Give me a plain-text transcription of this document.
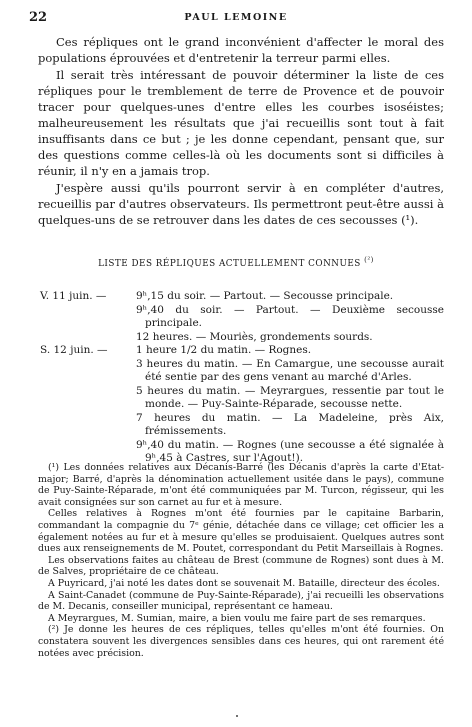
22	PAUL LEMOINE

Ces répliques ont le grand inconvénient d'affecter le moral des populations éprouvées et d'entretenir la terreur parmi elles.

Il serait très intéressant de pouvoir déterminer la liste de ces répliques pour le tremblement de terre de Provence et de pouvoir tracer pour quelques-unes d'entre elles les courbes isoséistes; malheureusement les résultats que j'ai recueillis sont tout à fait insuffisants dans ce but ; je les donne cependant, pensant que, sur des questions comme celles-là où les documents sont si difficiles à réunir, il n'y en a jamais trop.

J'espère aussi qu'ils pourront servir à en compléter d'autres, recueillis par d'autres observateurs. Ils permettront peut-être aussi à quelques-uns de se retrouver dans les dates de ces secousses (¹).

LISTE DES RÉPLIQUES ACTUELLEMENT CONNUES $^{(^2)}$
V. 11 juin. —	9ʰ,15 du soir. — Partout. — Secousse principale.
9ʰ,40 du soir. — Partout. — Deuxième secousse principale.
12 heures. — Mouriès, grondements sourds.
S. 12 juin. —	1 heure 1/2 du matin. — Rognes.
3 heures du matin. — En Camargue, une secousse aurait été sentie par des gens venant au marché d'Arles.
5 heures du matin. — Meyrargues, ressentie par tout le monde. — Puy-Sainte-Réparade, secousse nette.
7 heures du matin. — La Madeleine, près Aix, frémissements.
9ʰ,40 du matin. — Rognes (une secousse a été signalée à 9ʰ,45 à Castres, sur l'Agout!).

(¹) Les données relatives aux Décanis-Barré (les Décanis d'après la carte d'Etat-major; Barré, d'après la dénomination actuellement usitée dans le pays), commune de Puy-Sainte-Réparade, m'ont été communiquées par M. Turcon, régisseur, qui les avait consignées sur son carnet au fur et à mesure.

Celles relatives à Rognes m'ont été fournies par le capitaine Barbarin, commandant la compagnie du 7ᵉ génie, détachée dans ce village; cet officier les a également notées au fur et à mesure qu'elles se produisaient. Quelques autres sont dues aux renseignements de M. Poutet, correspondant du Petit Marseillais à Rognes.

Les observations faites au château de Brest (commune de Rognes) sont dues à M. de Salves, propriétaire de ce château.

A Puyricard, j'ai noté les dates dont se souvenait M. Bataille, directeur des écoles.

A Saint-Canadet (commune de Puy-Sainte-Réparade), j'ai recueilli les observations de M. Decanis, conseiller municipal, représentant ce hameau.

A Meyrargues, M. Sumian, maire, a bien voulu me faire part de ses remarques.

(²) Je donne les heures de ces répliques, telles qu'elles m'ont été fournies. On constatera souvent les divergences sensibles dans ces heures, qui ont rarement été notées avec précision.
